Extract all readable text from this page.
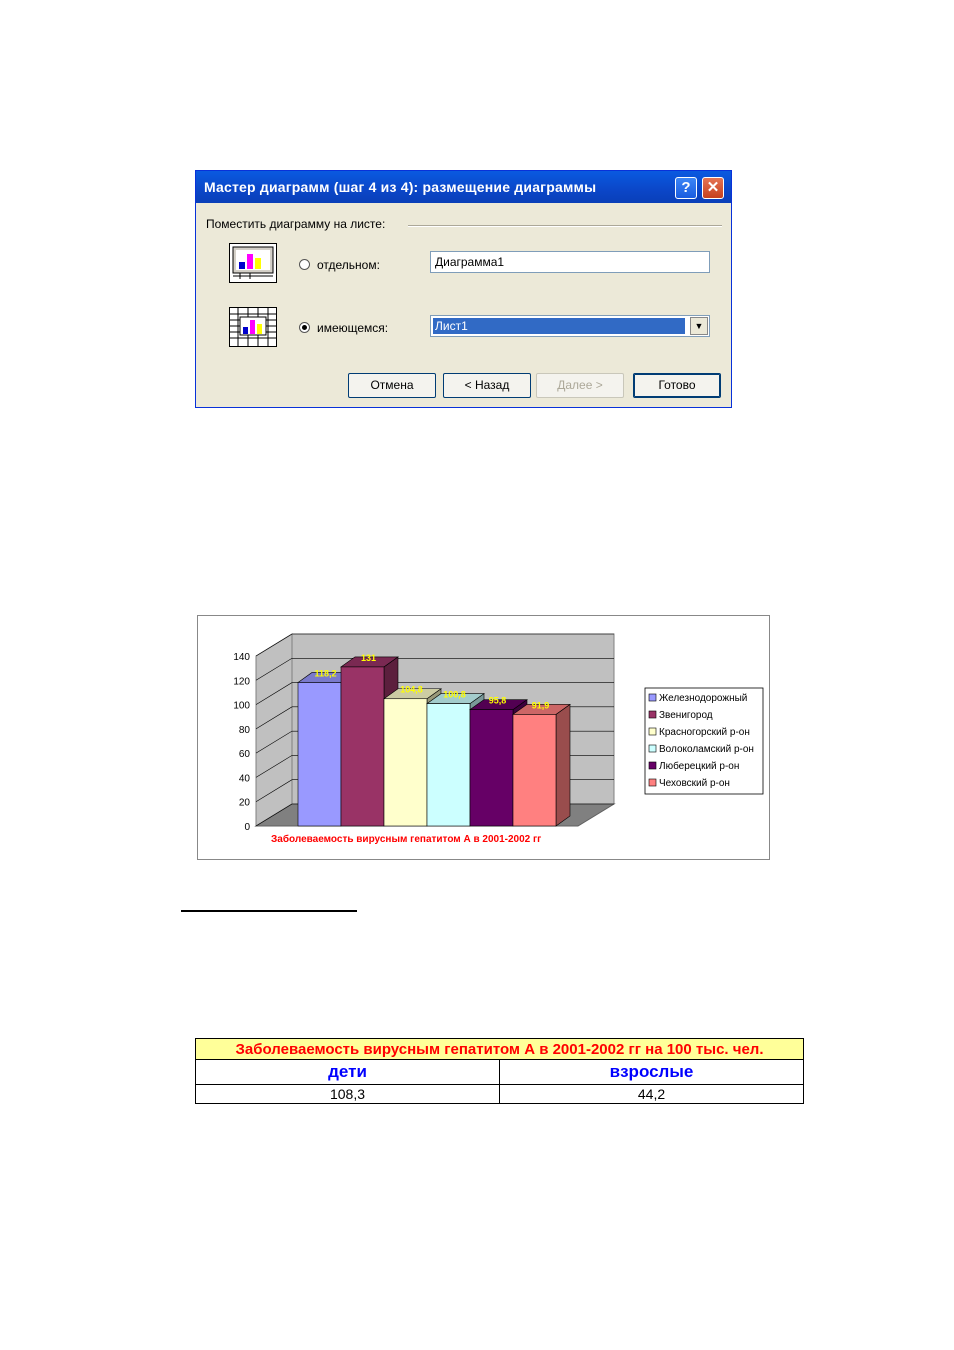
Мастер диаграмм (шаг 4 из 4): размещение диаграммы	?	✕
Поместить диаграмму на листе:
отдельном:	Диаграмма1
имеющемся:	Лист1	▼
Отмена	< Назад	Далее >	Готово
0
20
40
60
80
100
120
140
118,2
131
104,8 100,8
95,8	91,9
Заболеваемость вирусным гепатитом А в 2001-2002 гг
Железнодорожный
Звенигород
Красногорский р-он
Волоколамский р-он
Люберецкий р-он
Чеховский р-он
Заболеваемость вирусным гепатитом А в 2001-2002 гг на 100 тыс. чел.	
дети	взрослые
108,3	44,2
